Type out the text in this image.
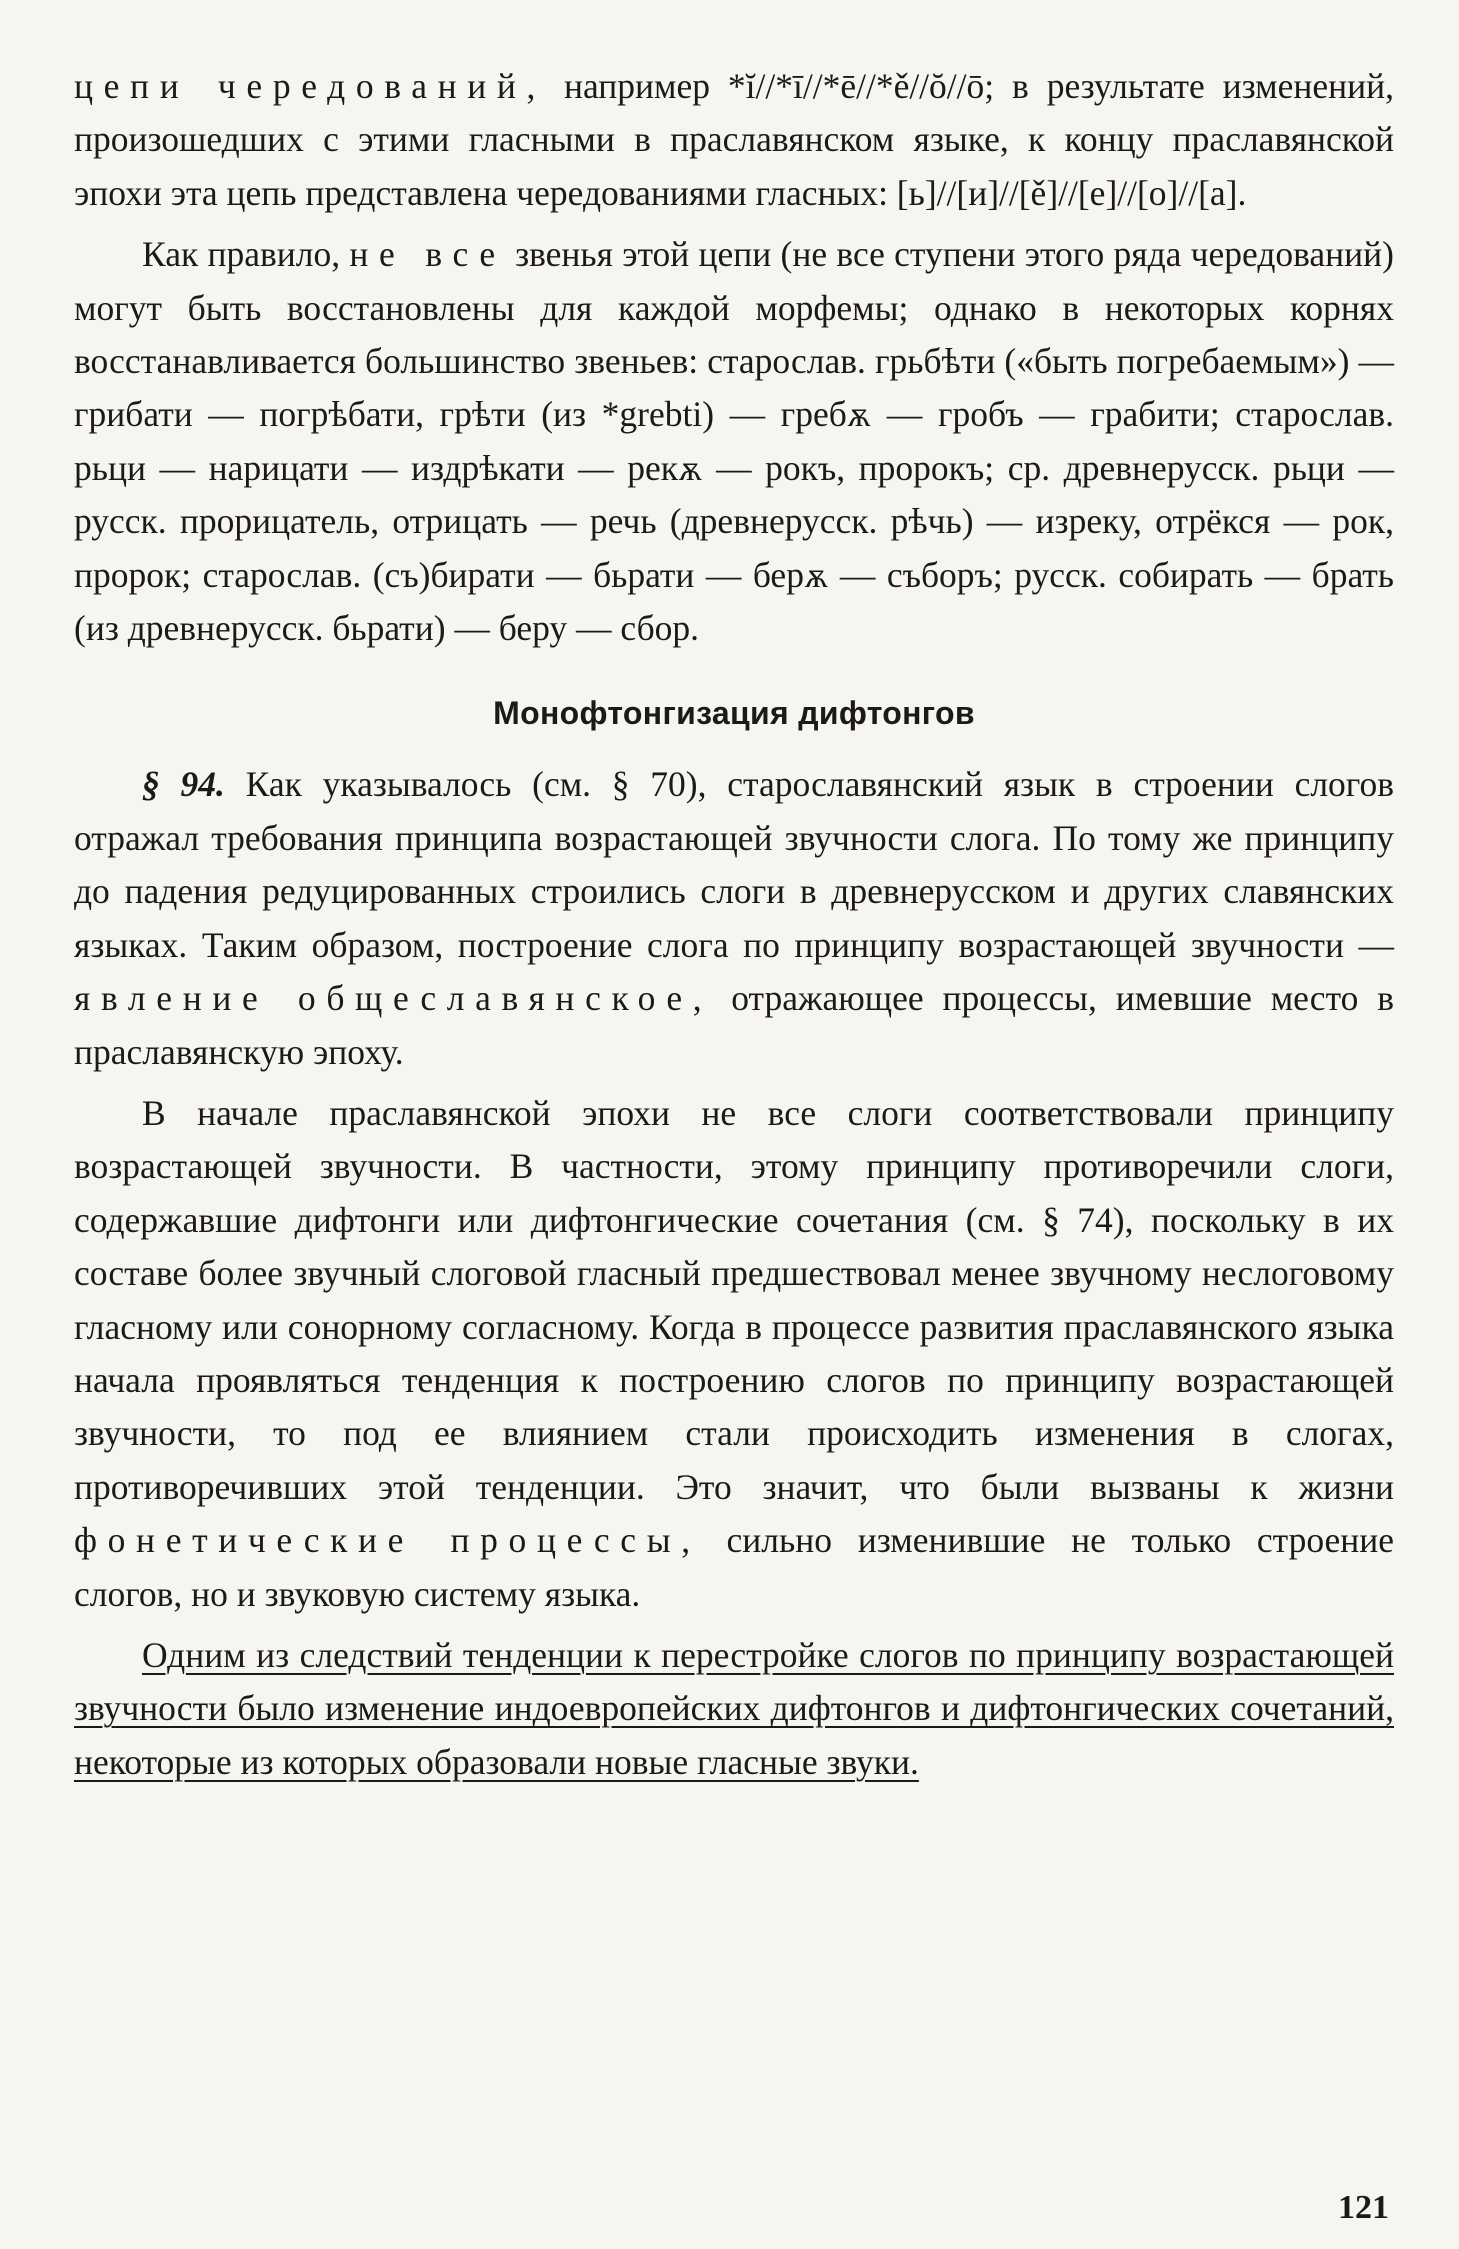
цепи чередований, например *ĭ//*ī//*ē//*ě//ŏ//ō; в результате изменений, произошедших с этими гласными в праславянском языке, к концу праславянской эпохи эта цепь представлена чередованиями гласных: [ь]//[и]//[ě]//[е]//[о]//[а].

Как правило, не все звенья этой цепи (не все ступени этого ряда чередований) могут быть восстановлены для каждой морфемы; однако в некоторых корнях восстанавливается большинство звеньев: старослав. грьбѣти («быть погребаемым») — грибати — погрѣбати, грѣти (из *grebti) — гребѫ — гробъ — грабити; старослав. рьци — нарицати — издрѣкати — рекѫ — рокъ, пророкъ; ср. древнерусск. рьци — русск. прорицатель, отрицать — речь (древнерусск. рѣчь) — изреку, отрёкся — рок, пророк; старослав. (съ)бирати — бьрати — берѫ — съборъ; русск. собирать — брать (из древнерусск. бьрати) — беру — сбор.

Монофтонгизация дифтонгов

§ 94. Как указывалось (см. § 70), старославянский язык в строении слогов отражал требования принципа возрастающей звучности слога. По тому же принципу до падения редуцированных строились слоги в древнерусском и других славянских языках. Таким образом, построение слога по принципу возрастающей звучности — явление общеславянское, отражающее процессы, имевшие место в праславянскую эпоху.

В начале праславянской эпохи не все слоги соответствовали принципу возрастающей звучности. В частности, этому принципу противоречили слоги, содержавшие дифтонги или дифтонгические сочетания (см. § 74), поскольку в их составе более звучный слоговой гласный предшествовал менее звучному неслоговому гласному или сонорному согласному. Когда в процессе развития праславянского языка начала проявляться тенденция к построению слогов по принципу возрастающей звучности, то под ее влиянием стали происходить изменения в слогах, противоречивших этой тенденции. Это значит, что были вызваны к жизни фонетические процессы, сильно изменившие не только строение слогов, но и звуковую систему языка.

Одним из следствий тенденции к перестройке слогов по принципу возрастающей звучности было изменение индоевропейских дифтонгов и дифтонгических сочетаний, некоторые из которых образовали новые гласные звуки.

121
